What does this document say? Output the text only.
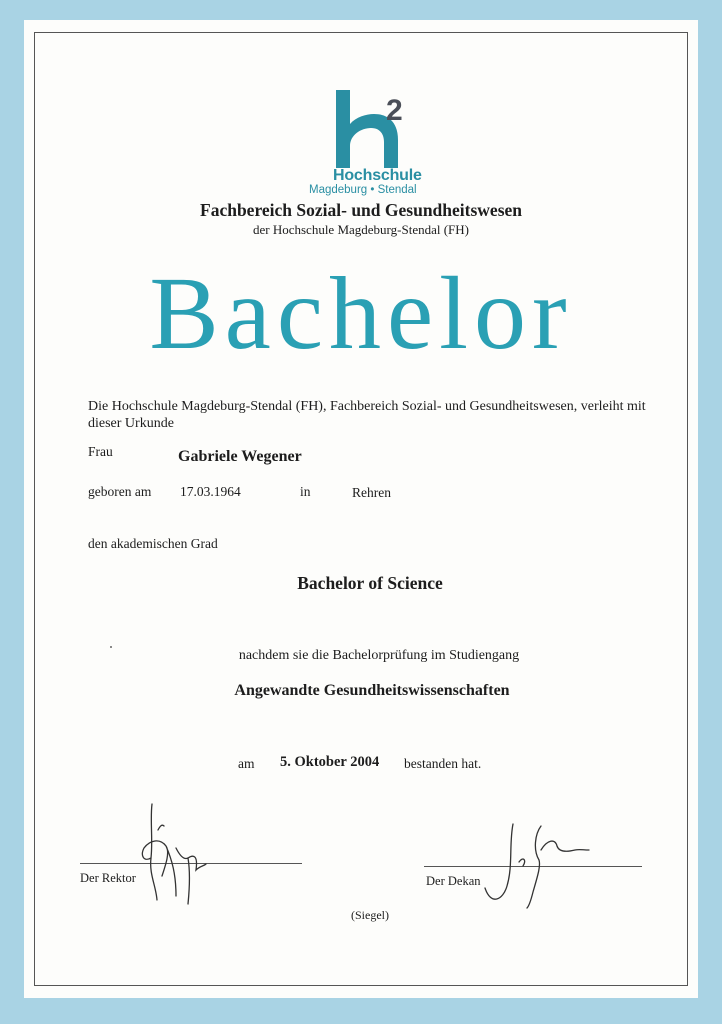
2
Hochschule
Magdeburg • Stendal
Fachbereich Sozial- und Gesundheitswesen
der Hochschule Magdeburg-Stendal (FH)
Bachelor
Die Hochschule Magdeburg-Stendal (FH), Fachbereich Sozial- und Gesundheitswesen, verleiht mit dieser Urkunde
Frau	Gabriele Wegener
geboren am 17.03.1964	in	Rehren
den akademischen Grad
Bachelor of Science
nachdem sie die Bachelorprüfung im Studiengang
Angewandte Gesundheitswissenschaften
am 5. Oktober 2004 bestanden hat.
Der Rektor	Der Dekan
(Siegel)
